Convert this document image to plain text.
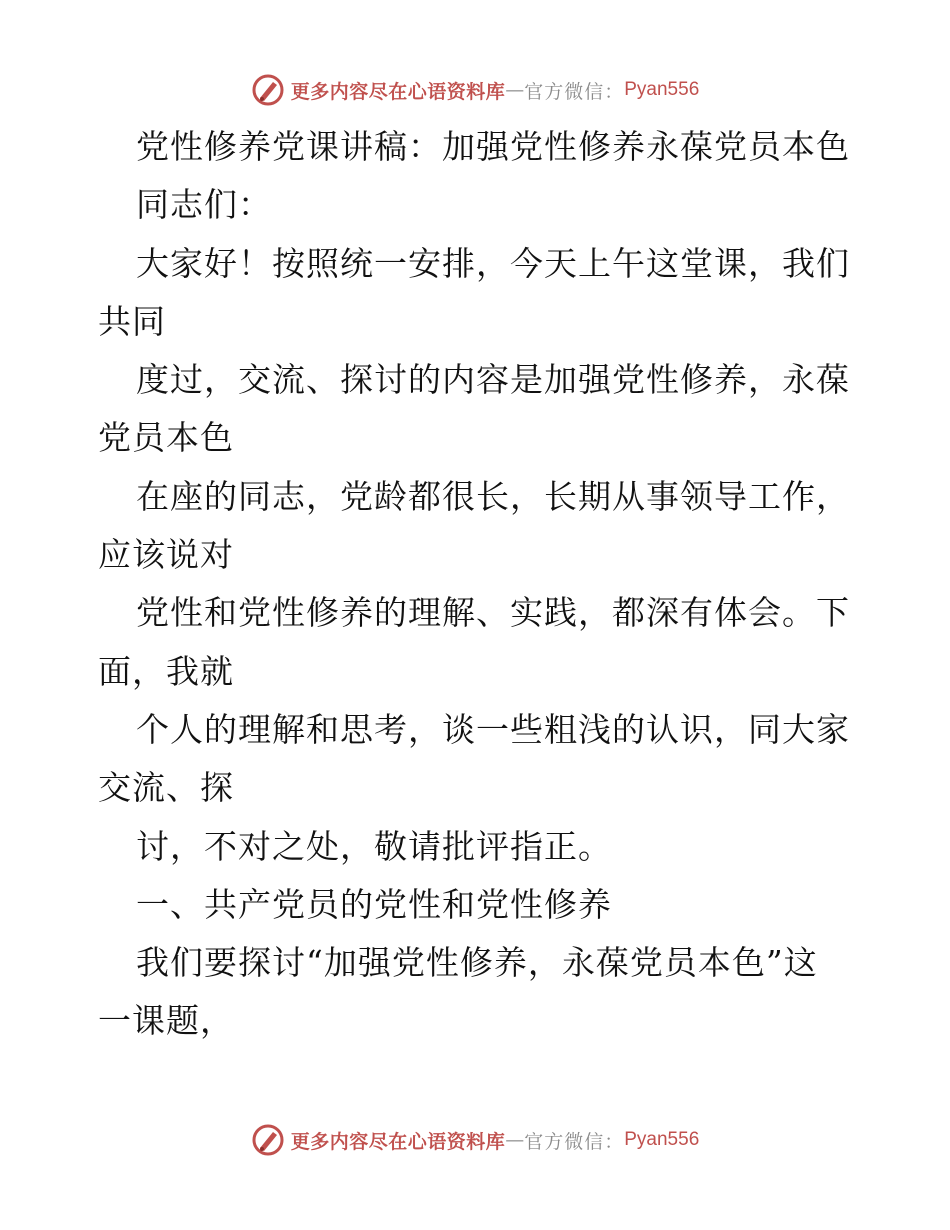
更多内容尽在心语资料库 — 官方微信： Pyan556
党性修养党课讲稿：加强党性修养永葆党员本色
同志们：
大家好！按照统一安排，今天上午这堂课，我们
共同
度过，交流、探讨的内容是加强党性修养，永葆
党员本色
在座的同志，党龄都很长，长期从事领导工作，
应该说对
党性和党性修养的理解、实践，都深有体会。下
面，我就
个人的理解和思考，谈一些粗浅的认识，同大家
交流、探
讨，不对之处，敬请批评指正。
一、共产党员的党性和党性修养
我们要探讨“加强党性修养，永葆党员本色”这
一课题，
更多内容尽在心语资料库 — 官方微信： Pyan556
